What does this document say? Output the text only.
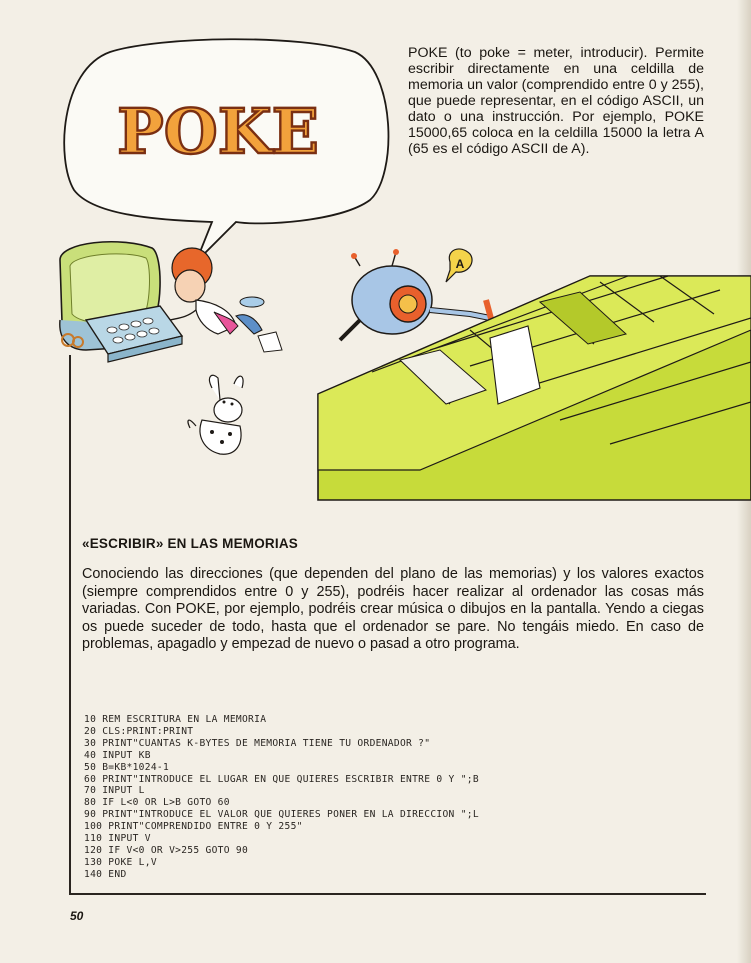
POKE
A
POKE (to poke = meter, introducir). Permite escribir directamente en una celdilla de memoria un valor (comprendido entre 0 y 255), que puede representar, en el código ASCII, un dato o una instrucción. Por ejemplo, POKE 15000,65 coloca en la celdilla 15000 la letra A (65 es el código ASCII de A).
«ESCRIBIR» EN LAS MEMORIAS
Conociendo las direcciones (que dependen del plano de las memorias) y los valores exactos (siempre comprendidos entre 0 y 255), podréis hacer realizar al ordenador las cosas más variadas. Con POKE, por ejemplo, podréis crear música o dibujos en la pantalla. Yendo a ciegas os puede suceder de todo, hasta que el ordenador se pare. No tengáis miedo. En caso de problemas, apagadlo y empezad de nuevo o pasad a otro programa.
10 REM ESCRITURA EN LA MEMORIA
20 CLS:PRINT:PRINT
30 PRINT"CUANTAS K-BYTES DE MEMORIA TIENE TU ORDENADOR ?"
40 INPUT KB
50 B=KB*1024-1
60 PRINT"INTRODUCE EL LUGAR EN QUE QUIERES ESCRIBIR ENTRE 0 Y ";B
70 INPUT L
80 IF L<0 OR L>B GOTO 60
90 PRINT"INTRODUCE EL VALOR QUE QUIERES PONER EN LA DIRECCION ";L
100 PRINT"COMPRENDIDO ENTRE 0 Y 255"
110 INPUT V
120 IF V<0 OR V>255 GOTO 90
130 POKE L,V
140 END
50
